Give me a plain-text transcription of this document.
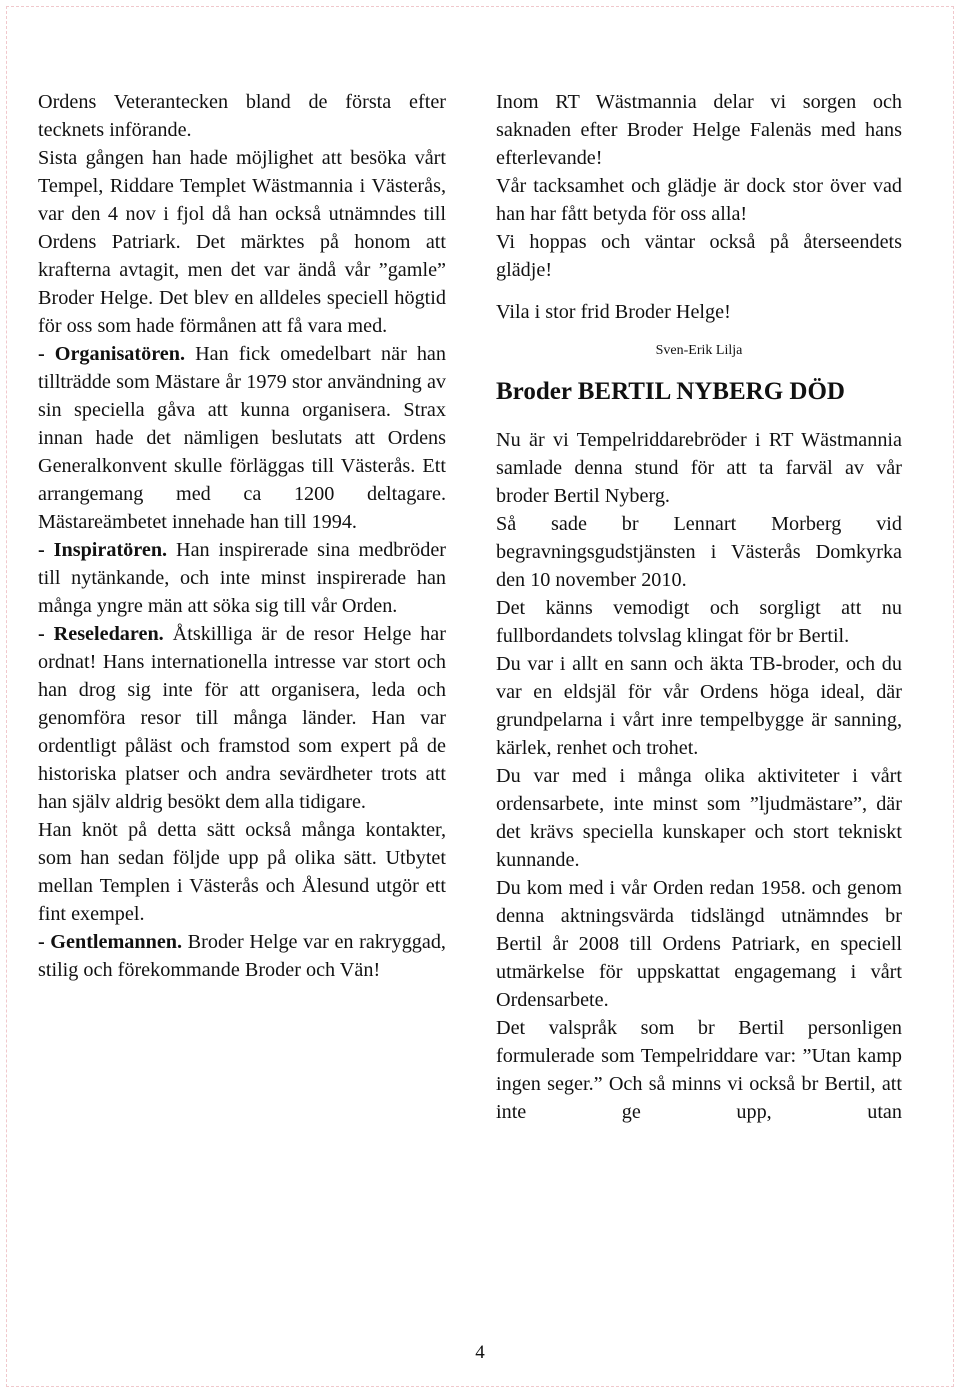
Ordens Veterantecken bland de första efter tecknets införande.

Sista gången han hade möjlighet att besöka vårt Tempel, Riddare Templet Wästmannia i Västerås, var den 4 nov i fjol då han också utnämndes till Ordens Patriark. Det märktes på honom att krafterna avtagit, men det var ändå vår ”gamle” Broder Helge. Det blev en alldeles speciell högtid för oss som hade förmånen att få vara med.

- Organisatören. Han fick omedelbart när han tillträdde som Mästare år 1979 stor användning av sin speciella gåva att kunna organisera. Strax innan hade det nämligen beslutats att Ordens Generalkonvent skulle förläggas till Västerås. Ett arrangemang med ca 1200 deltagare. Mästareämbetet innehade han till 1994.

- Inspiratören. Han inspirerade sina medbröder till nytänkande, och inte minst inspirerade han många yngre män att söka sig till vår Orden.

- Reseledaren. Åtskilliga är de resor Helge har ordnat! Hans internationella intresse var stort och han drog sig inte för att organisera, leda och genomföra resor till många länder. Han var ordentligt påläst och framstod som expert på de historiska platser och andra sevärdheter trots att han själv aldrig besökt dem alla tidigare.

Han knöt på detta sätt också många kontakter, som han sedan följde upp på olika sätt. Utbytet mellan Templen i Västerås och Ålesund utgör ett fint exempel.

- Gentlemannen. Broder Helge var en rakryggad, stilig och förekommande Broder och Vän!

Inom RT Wästmannia delar vi sorgen och saknaden efter Broder Helge Falenäs med hans efterlevande!

Vår tacksamhet och glädje är dock stor över vad han har fått betyda för oss alla!

Vi hoppas och väntar också på återseendets glädje!

Vila i stor frid Broder Helge!

Sven-Erik Lilja

Broder BERTIL NYBERG DÖD

Nu är vi Tempelriddarebröder i RT Wästmannia samlade denna stund för att ta farväl av vår broder Bertil Nyberg.

Så sade br Lennart Morberg vid begravningsgudstjänsten i Västerås Domkyrka den 10 november 2010.

Det känns vemodigt och sorgligt att nu fullbordandets tolvslag klingat för br Bertil.

Du var i allt en sann och äkta TB-broder, och du var en eldsjäl för vår Ordens höga ideal, där grundpelarna i vårt inre tempelbygge är sanning, kärlek, renhet och trohet.

Du var med i många olika aktiviteter i vårt ordensarbete, inte minst som ”ljudmästare”, där det krävs speciella kunskaper och stort tekniskt kunnande.

Du kom med i vår Orden redan 1958. och genom denna aktningsvärda tidslängd utnämndes br Bertil år 2008 till Ordens Patriark, en speciell utmärkelse för uppskattat engagemang i vårt Ordensarbete.

Det valspråk som br Bertil personligen formulerade som Tempelriddare var: ”Utan kamp ingen seger.” Och så minns vi också br Bertil, att inte ge upp, utan

4
